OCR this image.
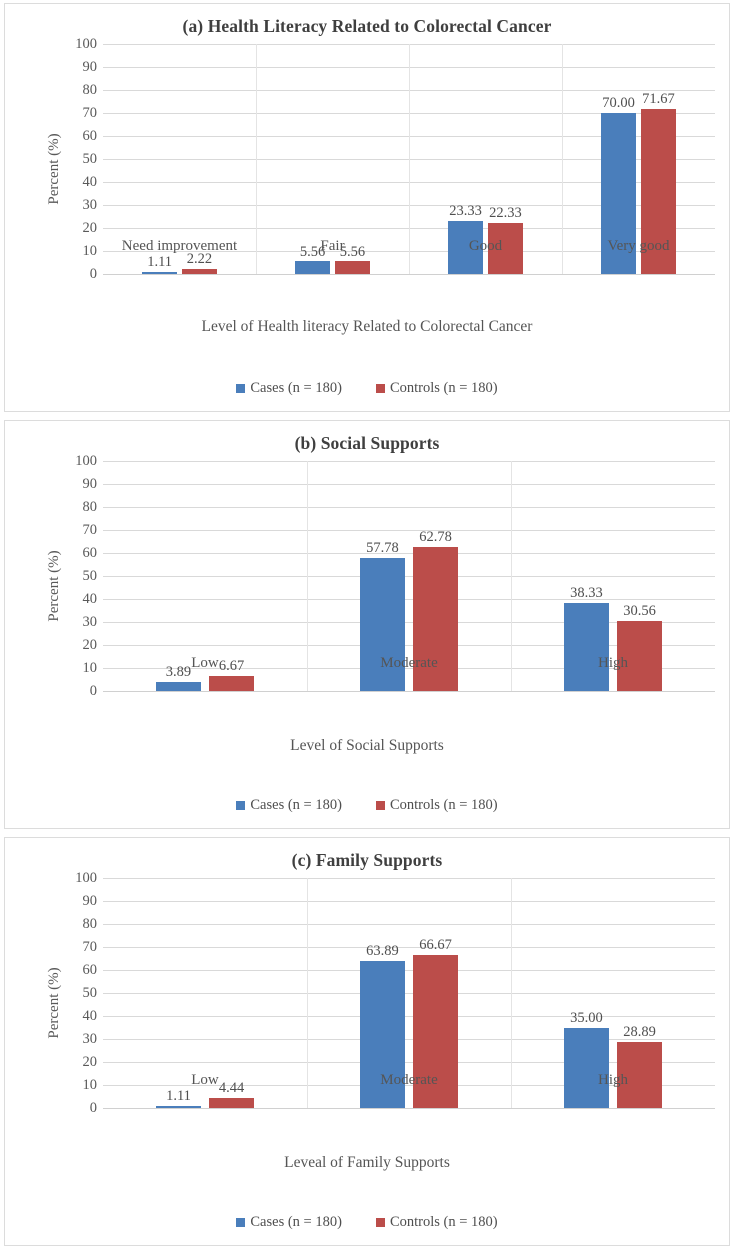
(a) Health Literacy Related to Colorectal Cancer
Percent (%)
100
90
80
70
60
50
40
30
20
10
0
1.11 2.22	5.56 5.56
23.33 22.33
70.00 71.67
Need improvement	Fair	Good	Very good
Level of Health literacy Related to Colorectal Cancer
Cases (n = 180)	Controls (n = 180)
(b) Social Supports
Percent (%)
100
90
80
70
60
50
40
30
20
10
0
3.89 6.67
57.78
62.78
38.33
30.56
Low	Moderate	High
Level of Social Supports
Cases (n = 180)	Controls (n = 180)
(c) Family Supports
Percent (%)
100
90
80
70
60
50
40
30
20
10
0
1.11 4.44
63.89 66.67
35.00
28.89
Low	Moderate	High
Leveal of Family Supports
Cases (n = 180)	Controls (n = 180)
